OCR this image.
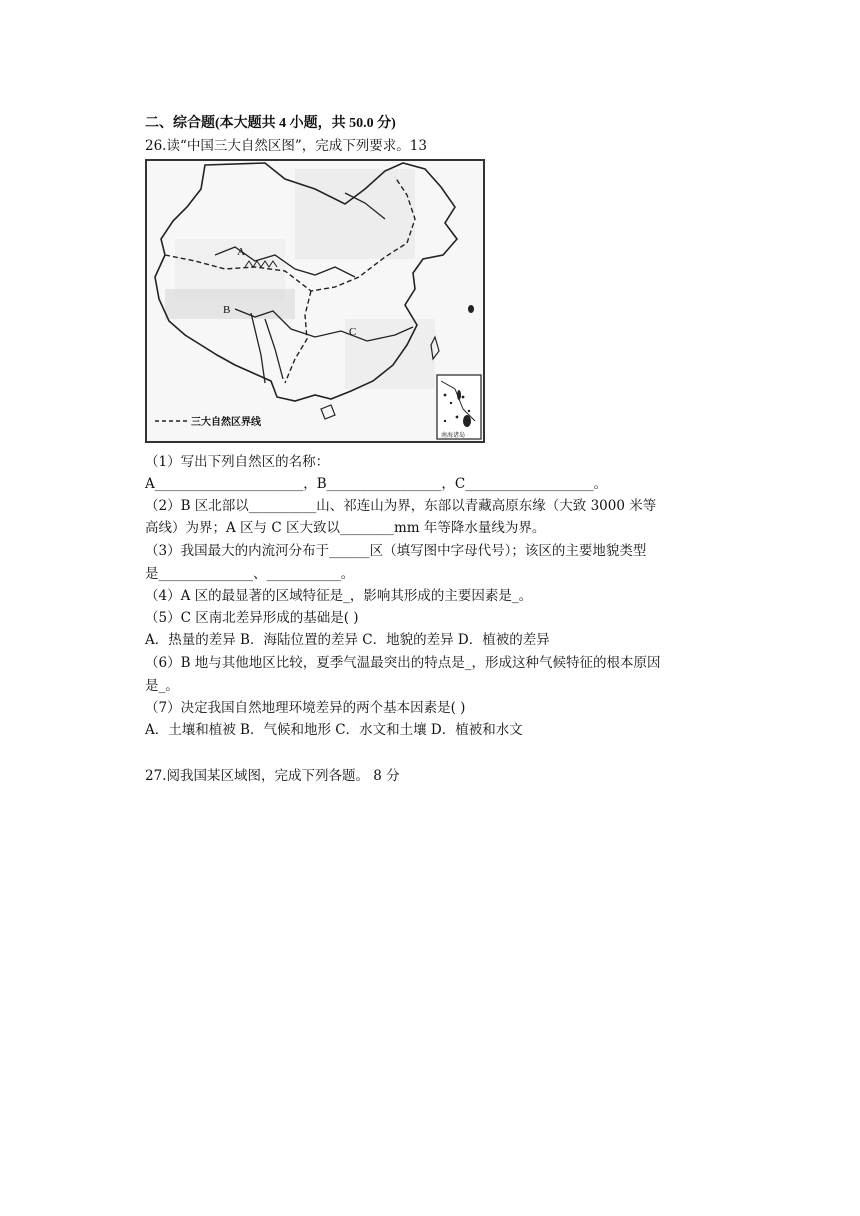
二、综合题(本大题共 4 小题，共 50.0 分)
26.读“中国三大自然区图”，完成下列要求。13
A
B
C
三大自然区界线
南海诸岛
（1）写出下列自然区的名称：
A______________________，B_________________，C___________________。
（2）B 区北部以__________山、祁连山为界，东部以青藏高原东缘（大致 3000 米等
高线）为界；A 区与 C 区大致以________mm 年等降水量线为界。
（3）我国最大的内流河分布于______区（填写图中字母代号）；该区的主要地貌类型
是______________、___________。
（4）A 区的最显著的区域特征是_，影响其形成的主要因素是_。
（5）C 区南北差异形成的基础是( )
A．热量的差异 B．海陆位置的差异 C．地貌的差异 D．植被的差异
（6）B 地与其他地区比较，夏季气温最突出的特点是_，形成这种气候特征的根本原因
是_。
（7）决定我国自然地理环境差异的两个基本因素是( )
A．土壤和植被 B．气候和地形 C．水文和土壤 D．植被和水文
27.阅我国某区域图，完成下列各题。 8 分
